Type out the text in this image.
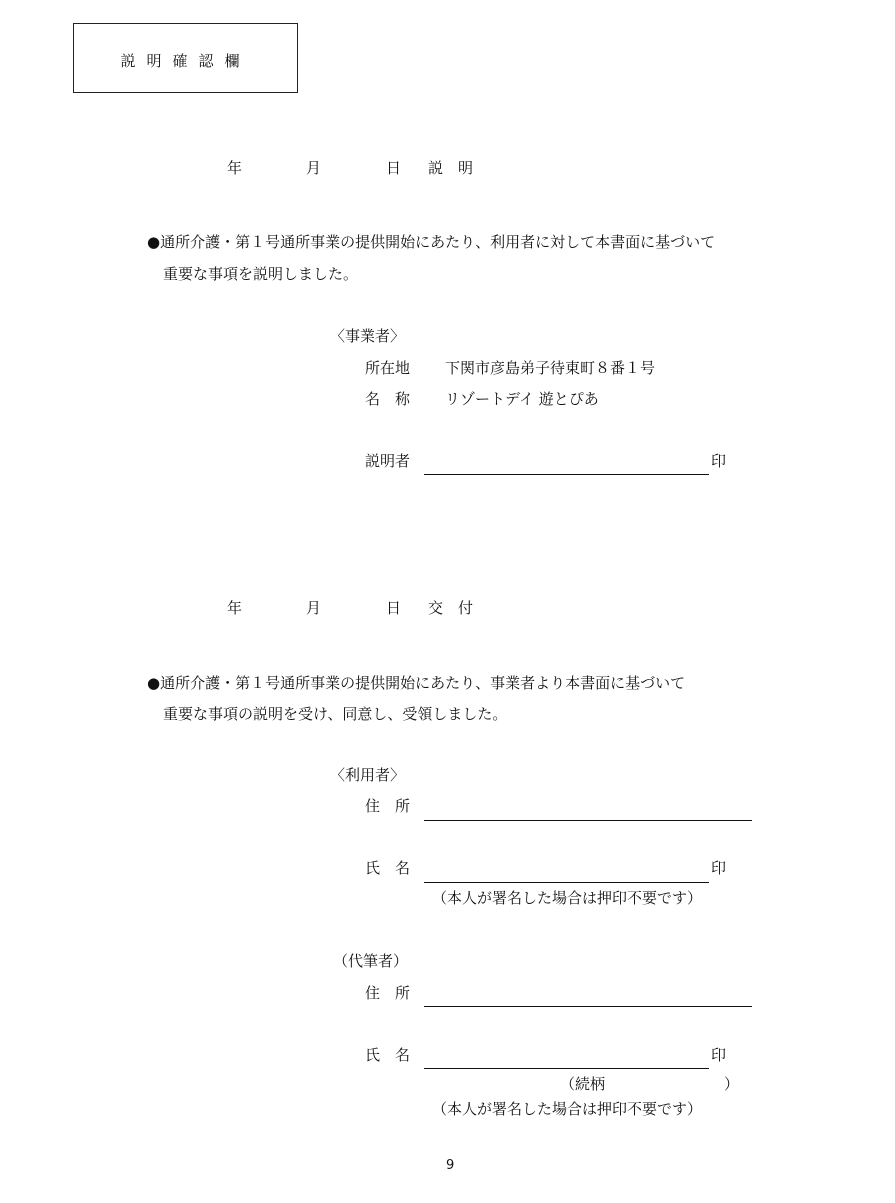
説明確認欄
年	月	日 説　明
●通所介護・第１号通所事業の提供開始にあたり、利用者に対して本書面に基づいて
重要な事項を説明しました。
〈事業者〉
所在地 下関市彦島弟子待東町８番１号
名　称 リゾートデイ 遊とぴあ
説明者	印
年	月	日 交　付
●通所介護・第１号通所事業の提供開始にあたり、事業者より本書面に基づいて
重要な事項の説明を受け、同意し、受領しました。
〈利用者〉
住　所
氏　名	印
（本人が署名した場合は押印不要です）
（代筆者）
住　所
氏　名	印
（続柄	）
（本人が署名した場合は押印不要です）
9
